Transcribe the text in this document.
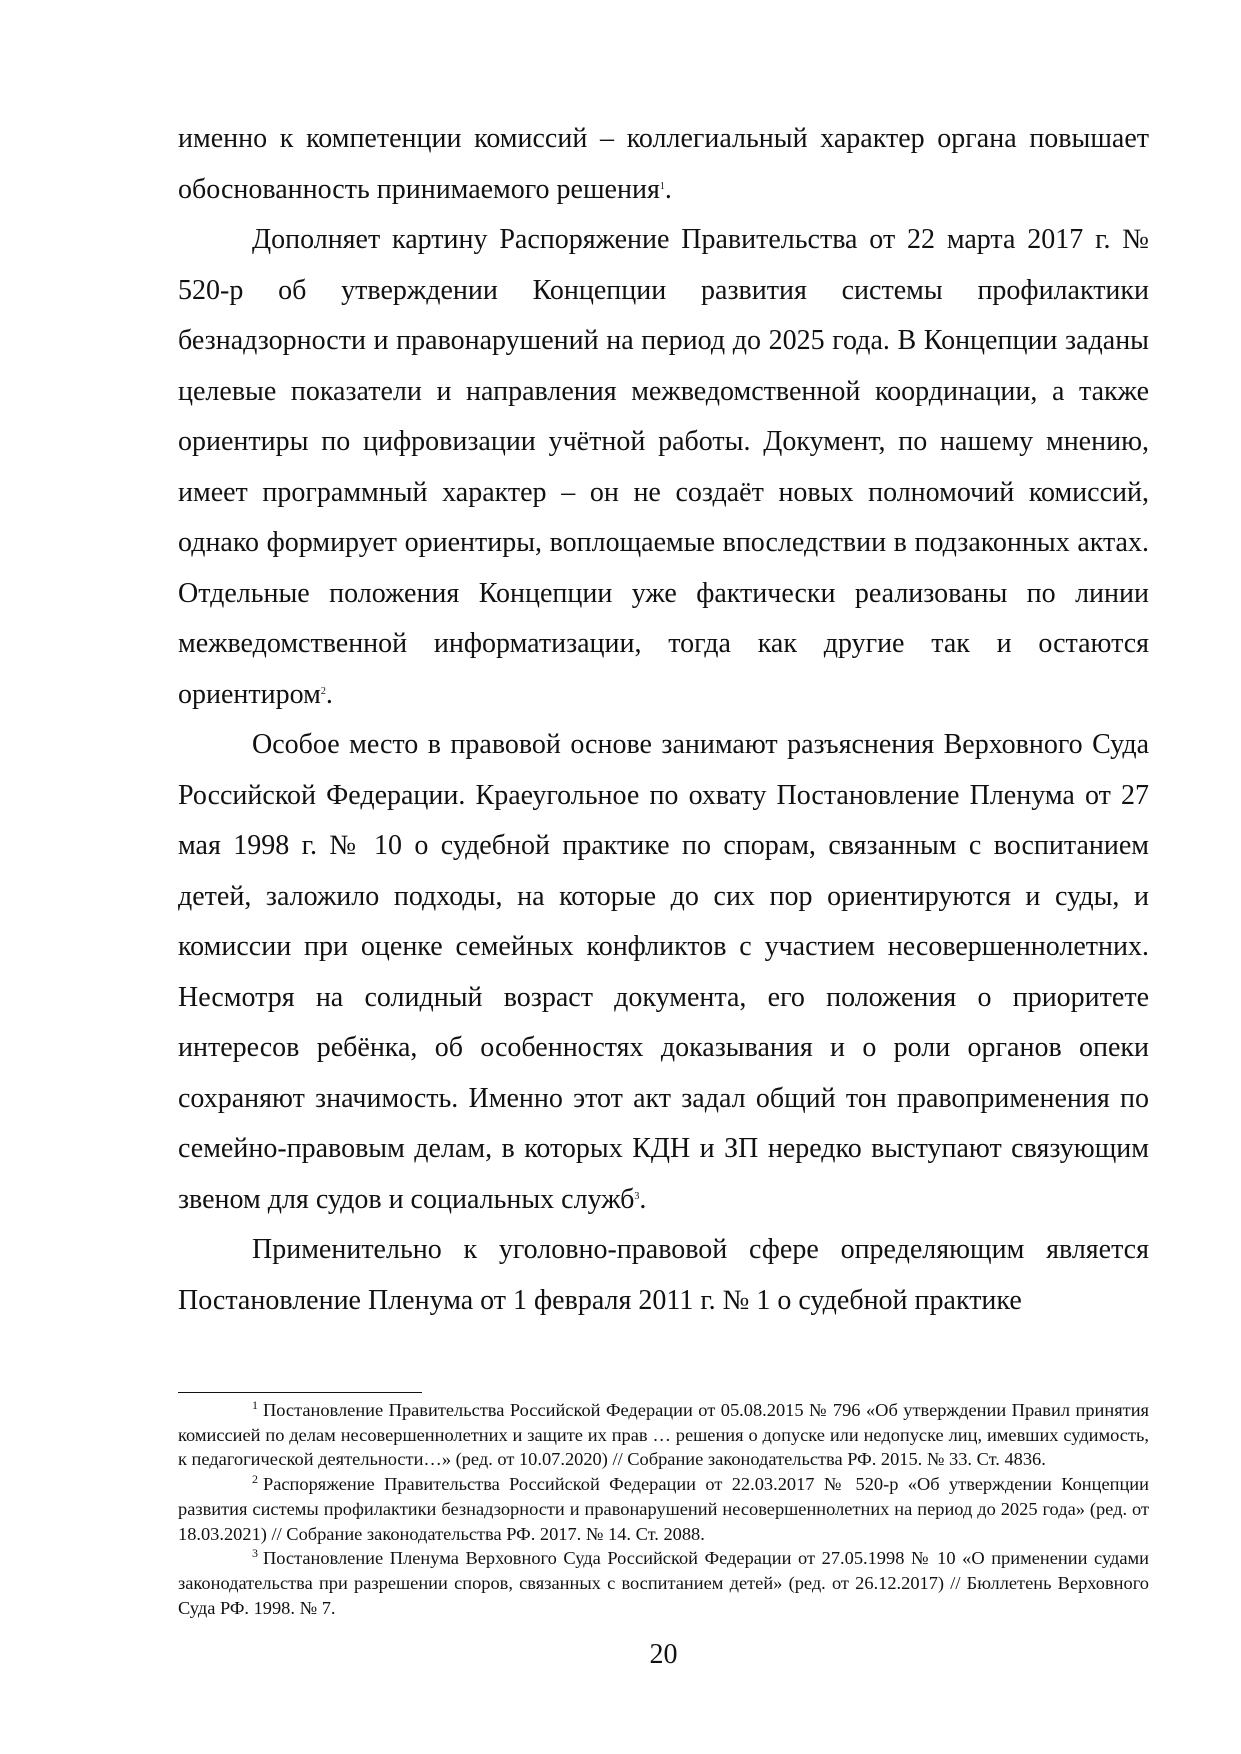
именно к компетенции комиссий – коллегиальный характер органа повышает обоснованность принимаемого решения$^1$.

Дополняет картину Распоряжение Правительства от 22 марта 2017 г. № 520-р об утверждении Концепции развития системы профилактики безнадзорности и правонарушений на период до 2025 года. В Концепции заданы целевые показатели и направления межведомственной координации, а также ориентиры по цифровизации учётной работы. Документ, по нашему мнению, имеет программный характер – он не создаёт новых полномочий комиссий, однако формирует ориентиры, воплощаемые впоследствии в подзаконных актах. Отдельные положения Концепции уже фактически реализованы по линии межведомственной информатизации, тогда как другие так и остаются ориентиром$^2$.

Особое место в правовой основе занимают разъяснения Верховного Суда Российской Федерации. Краеугольное по охвату Постановление Пленума от 27 мая 1998 г. № 10 о судебной практике по спорам, связанным с воспитанием детей, заложило подходы, на которые до сих пор ориентируются и суды, и комиссии при оценке семейных конфликтов с участием несовершеннолетних. Несмотря на солидный возраст документа, его положения о приоритете интересов ребёнка, об особенностях доказывания и о роли органов опеки сохраняют значимость. Именно этот акт задал общий тон правоприменения по семейно-правовым делам, в которых КДН и ЗП нередко выступают связующим звеном для судов и социальных служб$^3$.

Применительно к уголовно-правовой сфере определяющим является Постановление Пленума от 1 февраля 2011 г. № 1 о судебной практике

$^1$ Постановление Правительства Российской Федерации от 05.08.2015 № 796 «Об утверждении Правил принятия комиссией по делам несовершеннолетних и защите их прав … решения о допуске или недопуске лиц, имевших судимость, к педагогической деятельности…» (ред. от 10.07.2020) // Собрание законодательства РФ. 2015. № 33. Ст. 4836.

$^2$ Распоряжение Правительства Российской Федерации от 22.03.2017 № 520-р «Об утверждении Концепции развития системы профилактики безнадзорности и правонарушений несовершеннолетних на период до 2025 года» (ред. от 18.03.2021) // Собрание законодательства РФ. 2017. № 14. Ст. 2088.

$^3$ Постановление Пленума Верховного Суда Российской Федерации от 27.05.1998 № 10 «О применении судами законодательства при разрешении споров, связанных с воспитанием детей» (ред. от 26.12.2017) // Бюллетень Верховного Суда РФ. 1998. № 7.

20
